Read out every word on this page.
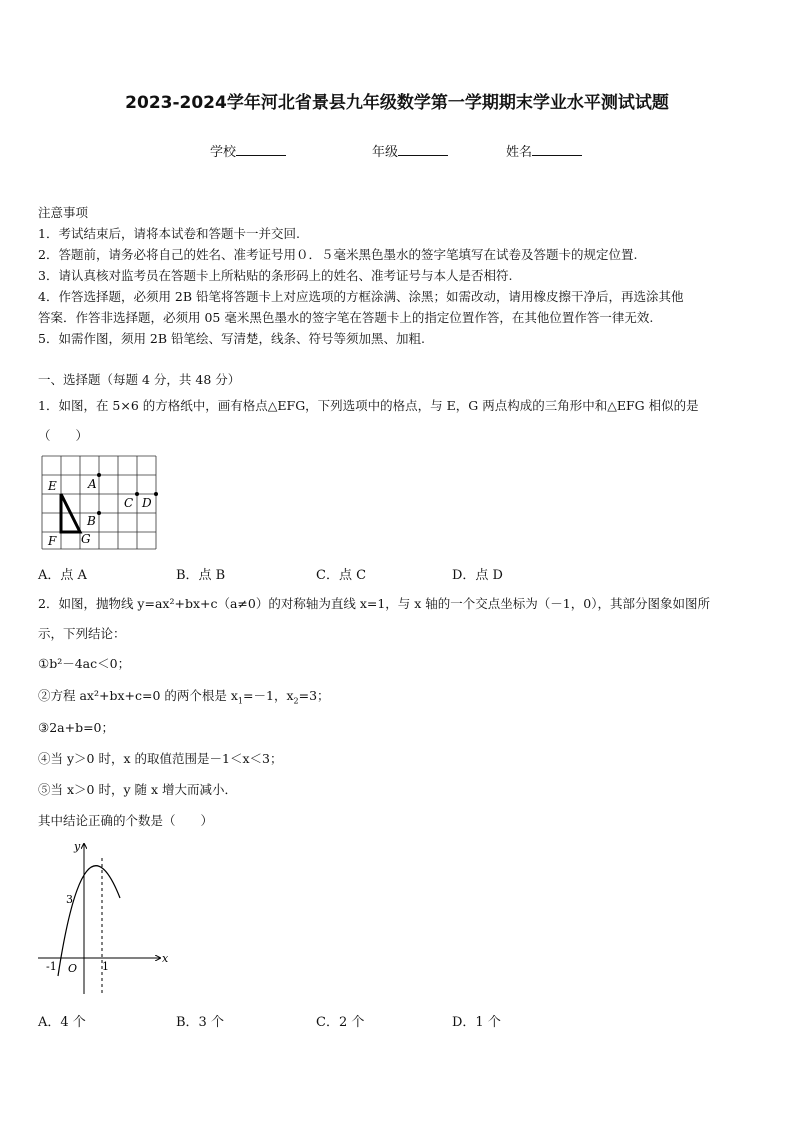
2023-2024学年河北省景县九年级数学第一学期期末学业水平测试试题
学校	年级	姓名
注意事项
1．考试结束后，请将本试卷和答题卡一并交回.
2．答题前，请务必将自己的姓名、准考证号用０．５毫米黑色墨水的签字笔填写在试卷及答题卡的规定位置.
3．请认真核对监考员在答题卡上所粘贴的条形码上的姓名、准考证号与本人是否相符.
4．作答选择题，必须用 2B 铅笔将答题卡上对应选项的方框涂满、涂黑；如需改动，请用橡皮擦干净后，再选涂其他
答案．作答非选择题，必须用 05 毫米黑色墨水的签字笔在答题卡上的指定位置作答，在其他位置作答一律无效.
5．如需作图，须用 2B 铅笔绘、写清楚，线条、符号等须加黑、加粗.
一、选择题（每题 4 分，共 48 分）
1．如图，在 5×6 的方格纸中，画有格点△EFG，下列选项中的格点，与 E，G 两点构成的三角形中和△EFG 相似的是
（　　）
E	A
C D
B
F G
A．点 A	B．点 B	C．点 C	D．点 D
2．如图，抛物线 y=ax²+bx+c（a≠0）的对称轴为直线 x=1，与 x 轴的一个交点坐标为（－1，0），其部分图象如图所
示，下列结论：
①b²－4ac＜0；
②方程 ax²+bx+c=0 的两个根是 $x_1=-1$，$x_2=3$；
③2a+b=0；
④当 y＞0 时，x 的取值范围是－1＜x＜3；
⑤当 x＞0 时，y 随 x 增大而减小．
其中结论正确的个数是（　　）
y
x
3
-1 O 1
A．4 个	B．3 个	C．2 个	D．1 个
